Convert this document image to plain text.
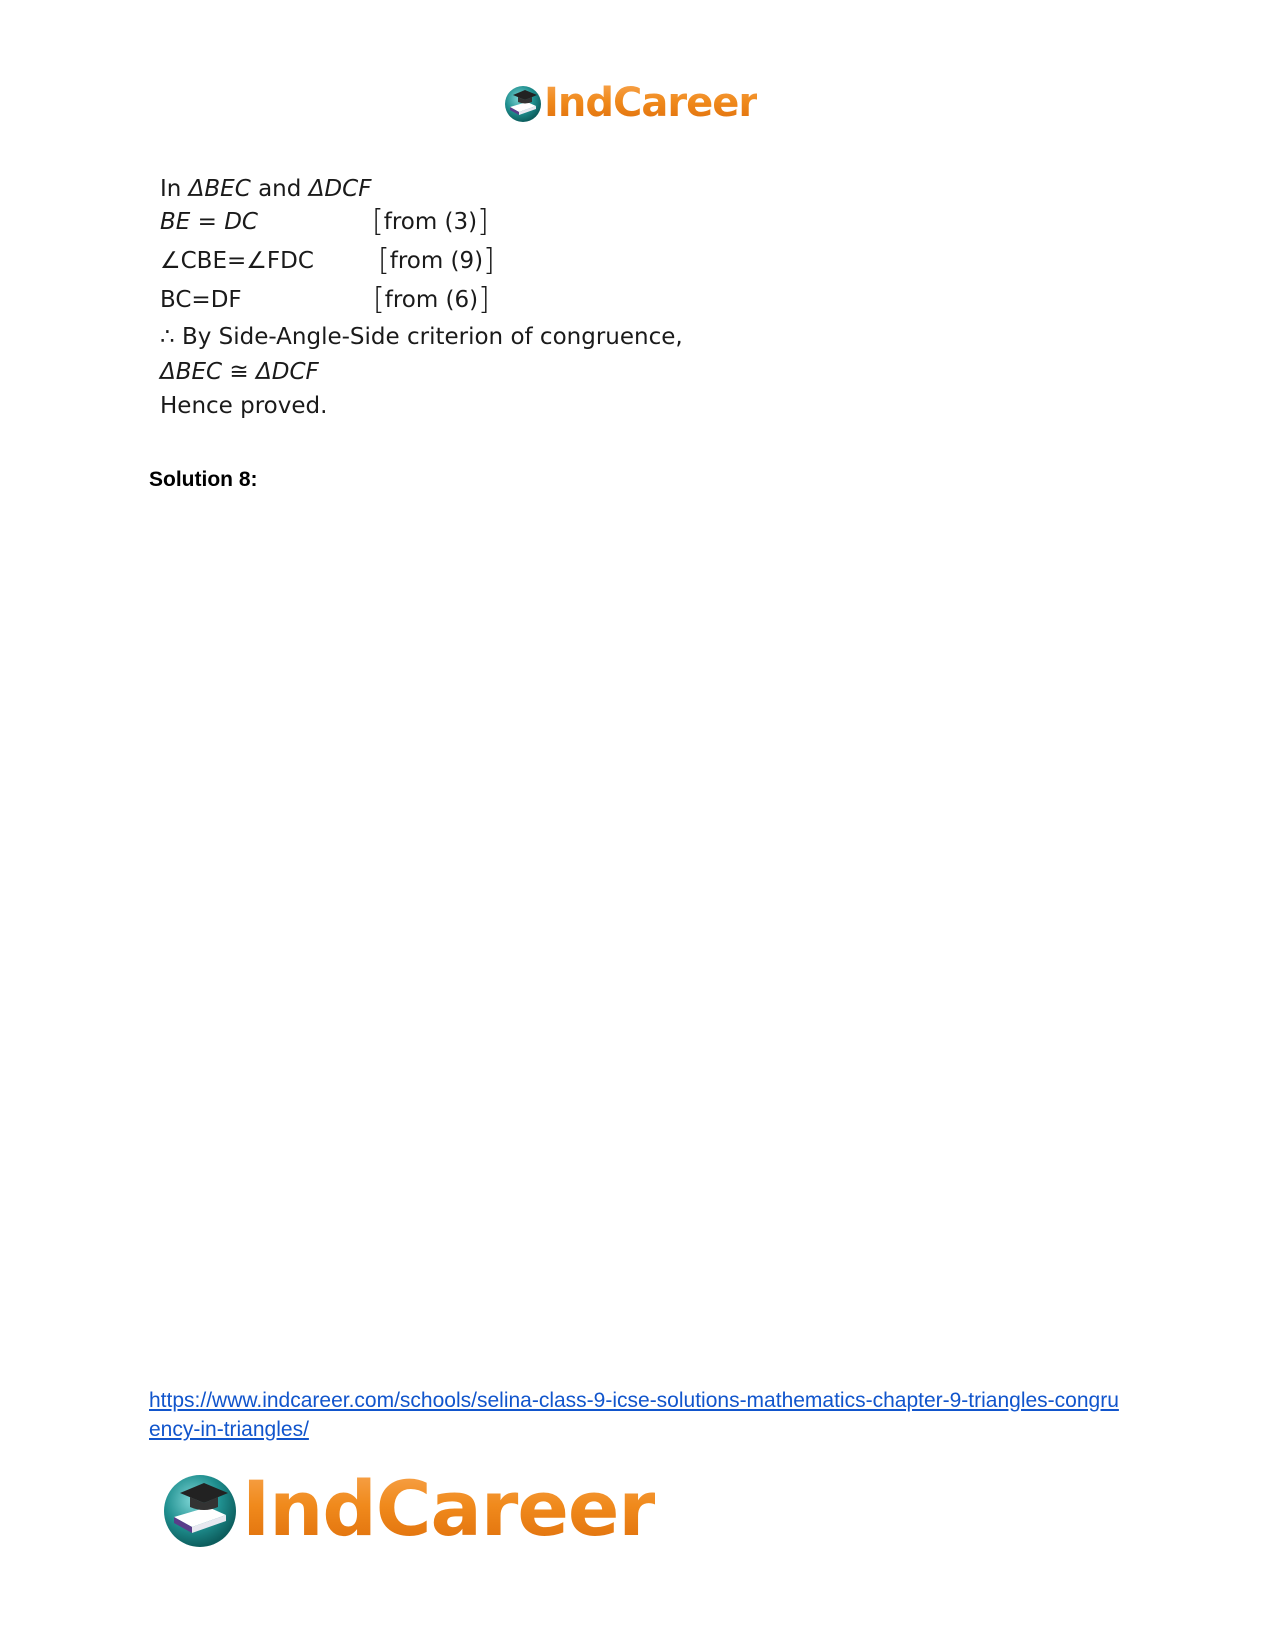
IndCareer
In ΔBEC and ΔDCF
BE = DC	[from (3)]
∠CBE=∠FDC [from (9)]
BC=DF	[from (6)]
∴ By Side-Angle-Side criterion of congruence,
ΔBEC ≅ ΔDCF
Hence proved.
Solution 8:
https://www.indcareer.com/schools/selina-class-9-icse-solutions-mathematics-chapter-9-triangles-congruency-in-triangles/
IndCareer
